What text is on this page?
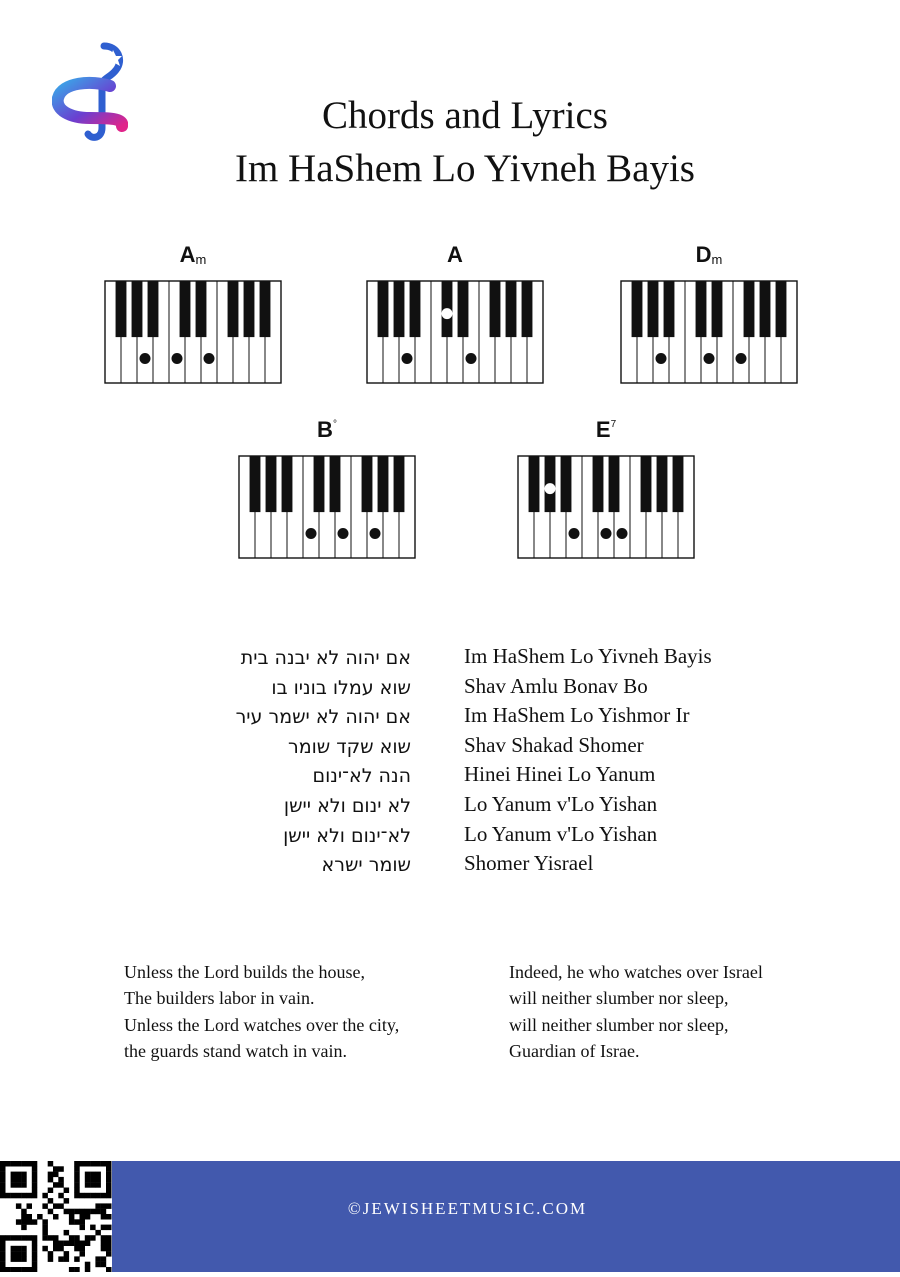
Chords and Lyrics
Im HaShem Lo Yivneh Bayis
Am	A	Dm
B°	$E^7$
אם יהוה לא יבנה בית
שוא עמלו בוניו בו
אם יהוה לא ישמר עיר
שוא שקד שומר
הנה לא־ינום
לא ינום ולא יישן
לא־ינום ולא יישן
שומר ישרא
Im HaShem Lo Yivneh Bayis
Shav Amlu Bonav Bo
Im HaShem Lo Yishmor Ir
Shav Shakad Shomer
Hinei Hinei Lo Yanum
Lo Yanum v'Lo Yishan
Lo Yanum v'Lo Yishan
Shomer Yisrael
Unless the Lord builds the house,
The builders labor in vain.
Unless the Lord watches over the city,
the guards stand watch in vain.
Indeed, he who watches over Israel
will neither slumber nor sleep,
will neither slumber nor sleep,
Guardian of Israe.
©JEWISHEETMUSIC.COM
